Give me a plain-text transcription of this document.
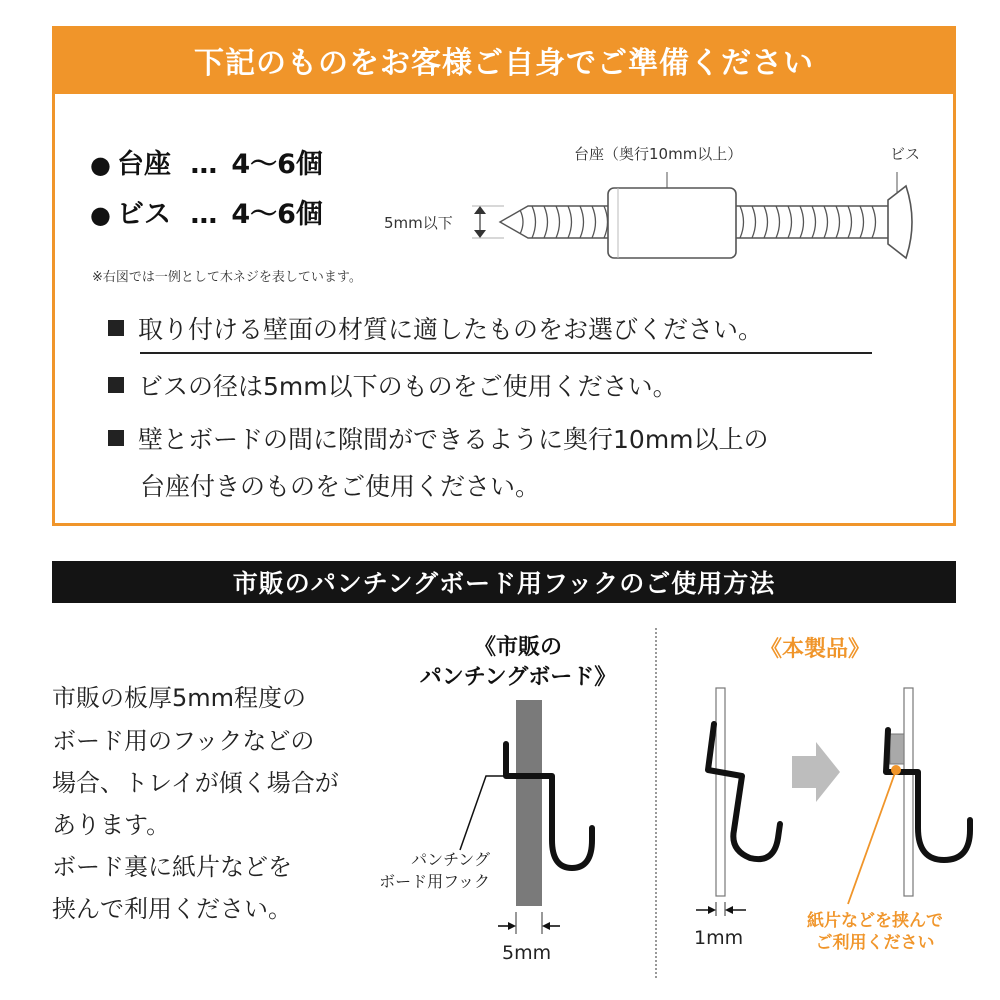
下記のものをお客様ご自身でご準備ください
● 台座 … 4〜6個
● ビス … 4〜6個
※右図では一例として木ネジを表しています。
台座（奥行10mm以上）	ビス
5mm以下
取り付ける壁面の材質に適したものをお選びください。
ビスの径は5mm以下のものをご使用ください。
壁とボードの間に隙間ができるように奥行10mm以上の
台座付きのものをご使用ください。
市販のパンチングボード用フックのご使用方法
市販の板厚5mm程度の
ボード用のフックなどの
場合、トレイが傾く場合が
あります。
ボード裏に紙片などを
挟んで利用ください。
《市販の
パンチングボード》
パンチング
ボード用フック
5mm
《本製品》
1mm
紙片などを挟んで
ご利用ください
